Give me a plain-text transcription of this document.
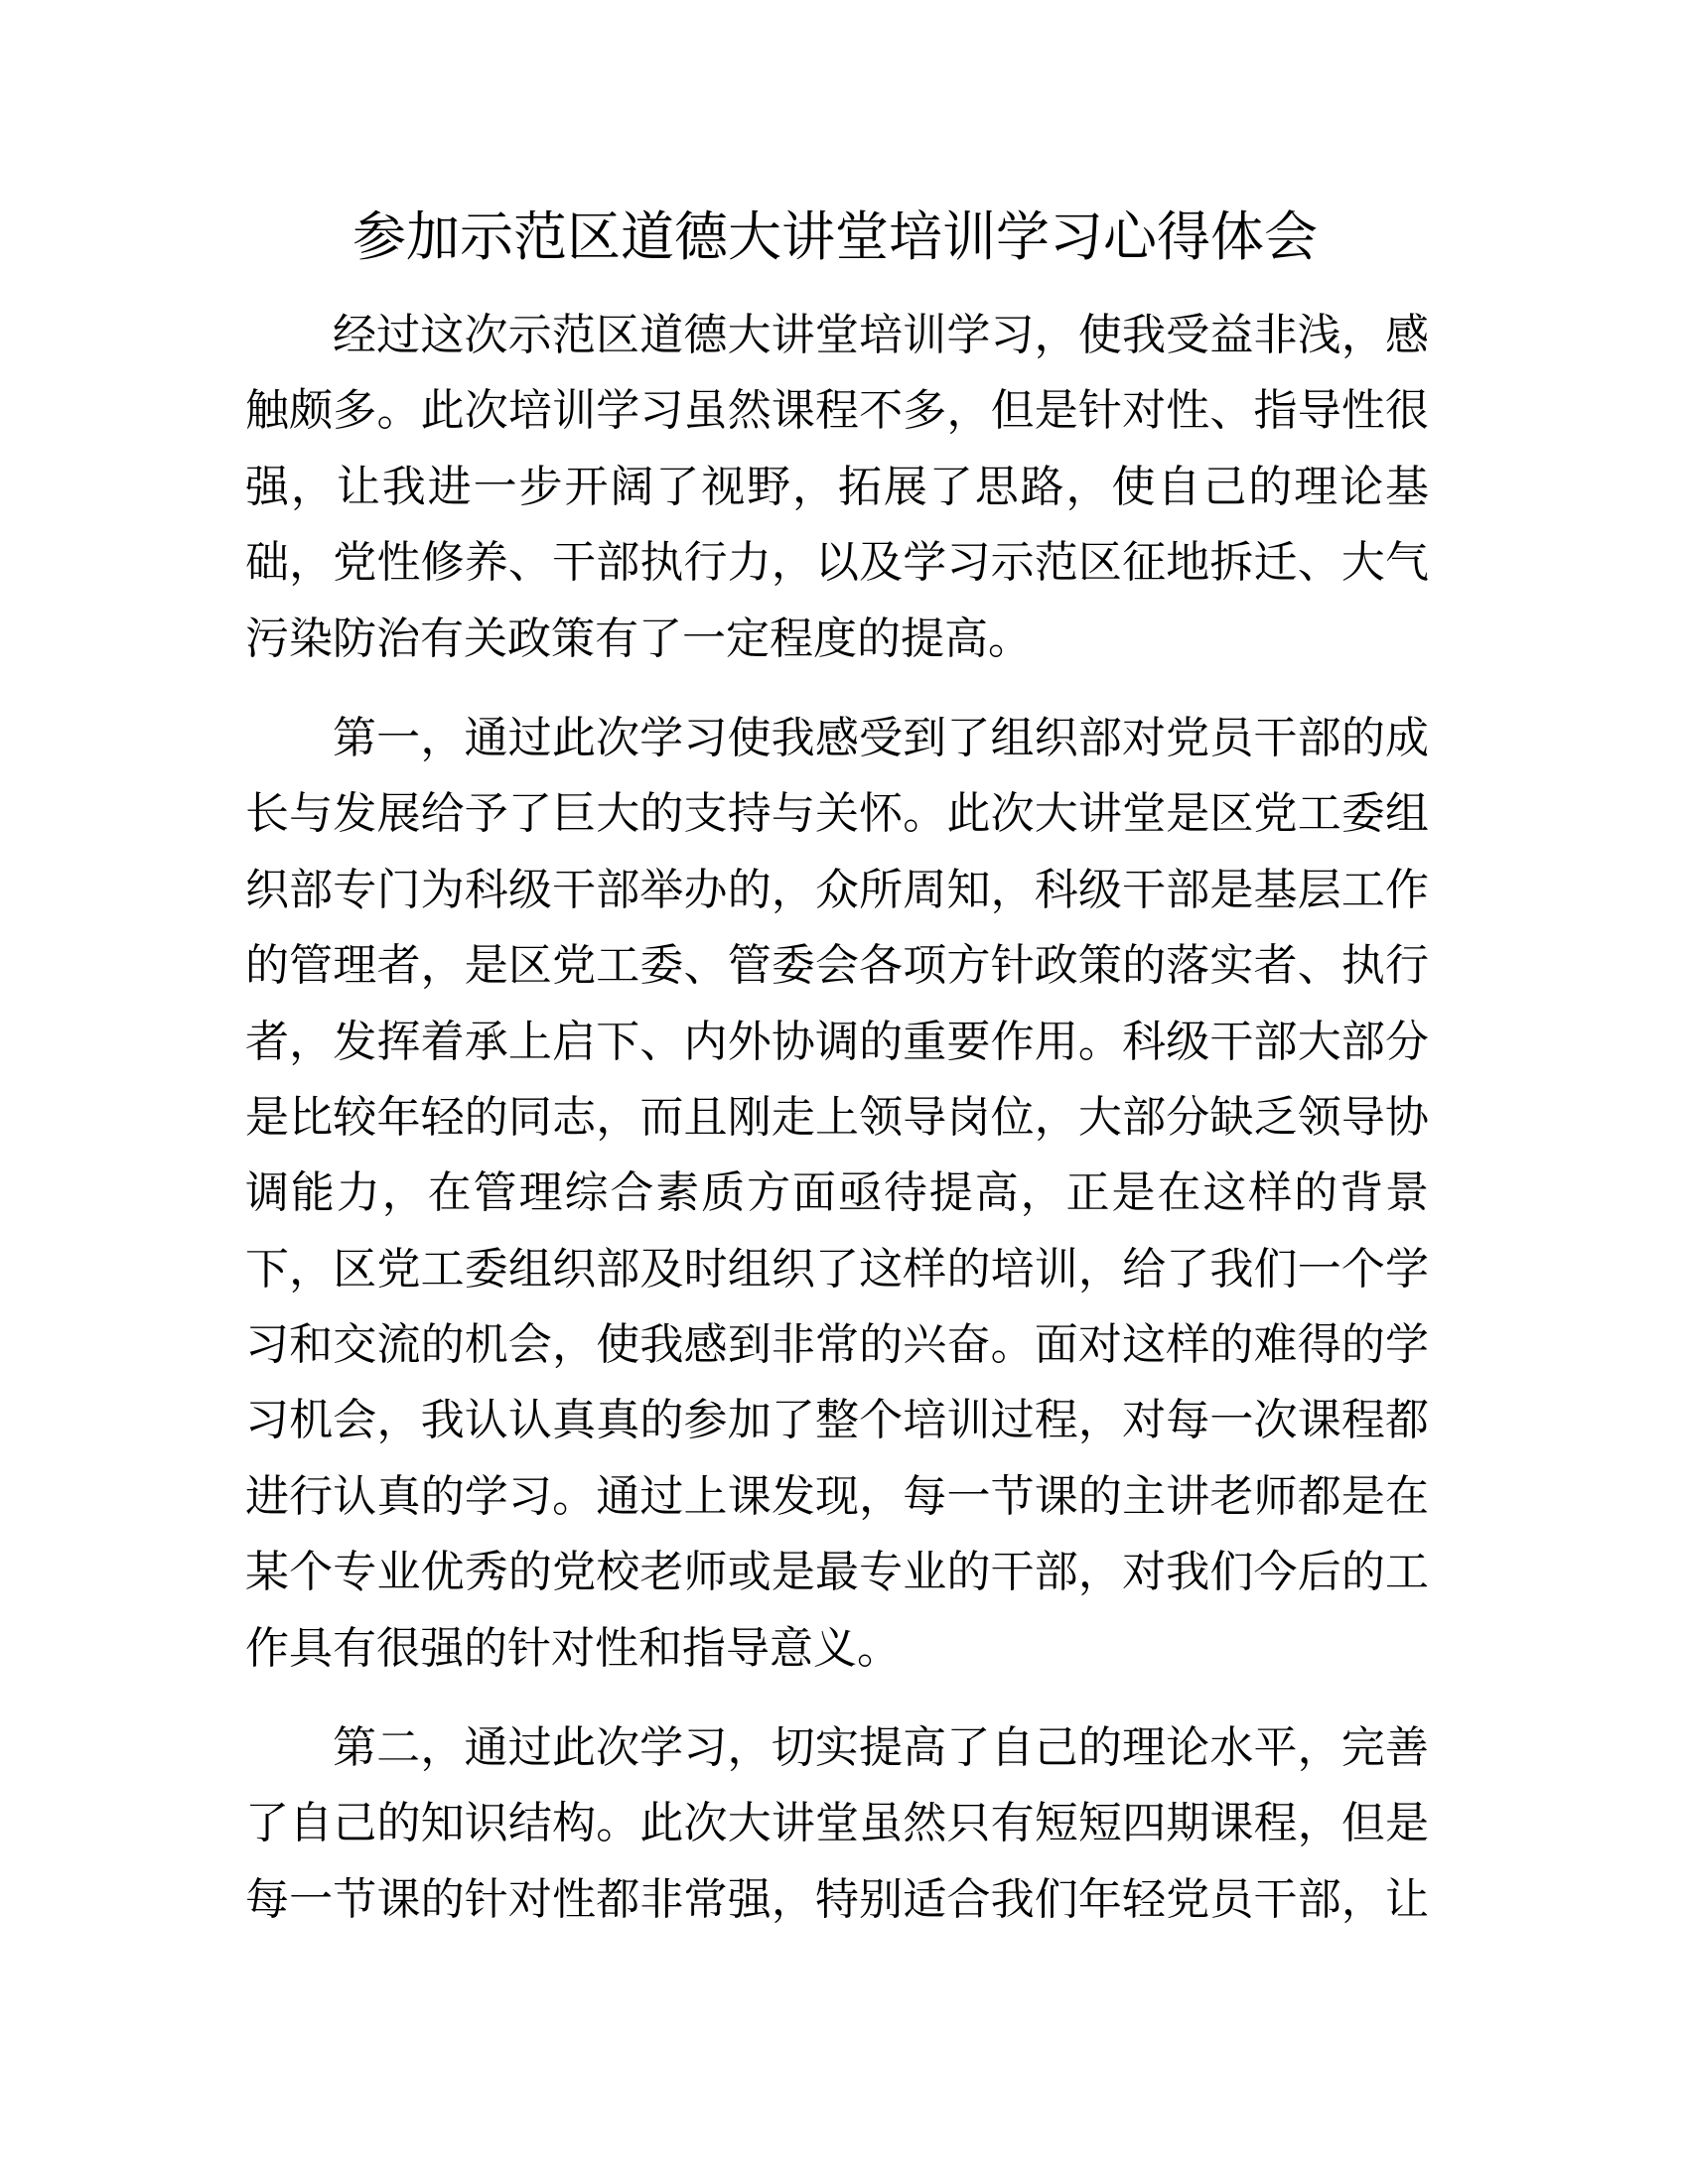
参加示范区道德大讲堂培训学习心得体会
经过这次示范区道德大讲堂培训学习，使我受益非浅，感
触颇多。此次培训学习虽然课程不多，但是针对性、指导性很
强，让我进一步开阔了视野，拓展了思路，使自己的理论基
础，党性修养、干部执行力，以及学习示范区征地拆迁、大气
污染防治有关政策有了一定程度的提高。
第一，通过此次学习使我感受到了组织部对党员干部的成
长与发展给予了巨大的支持与关怀。此次大讲堂是区党工委组
织部专门为科级干部举办的，众所周知，科级干部是基层工作
的管理者，是区党工委、管委会各项方针政策的落实者、执行
者，发挥着承上启下、内外协调的重要作用。科级干部大部分
是比较年轻的同志，而且刚走上领导岗位，大部分缺乏领导协
调能力，在管理综合素质方面亟待提高，正是在这样的背景
下，区党工委组织部及时组织了这样的培训，给了我们一个学
习和交流的机会，使我感到非常的兴奋。面对这样的难得的学
习机会，我认认真真的参加了整个培训过程，对每一次课程都
进行认真的学习。通过上课发现，每一节课的主讲老师都是在
某个专业优秀的党校老师或是最专业的干部，对我们今后的工
作具有很强的针对性和指导意义。
第二，通过此次学习，切实提高了自己的理论水平，完善
了自己的知识结构。此次大讲堂虽然只有短短四期课程，但是
每一节课的针对性都非常强，特别适合我们年轻党员干部，让
